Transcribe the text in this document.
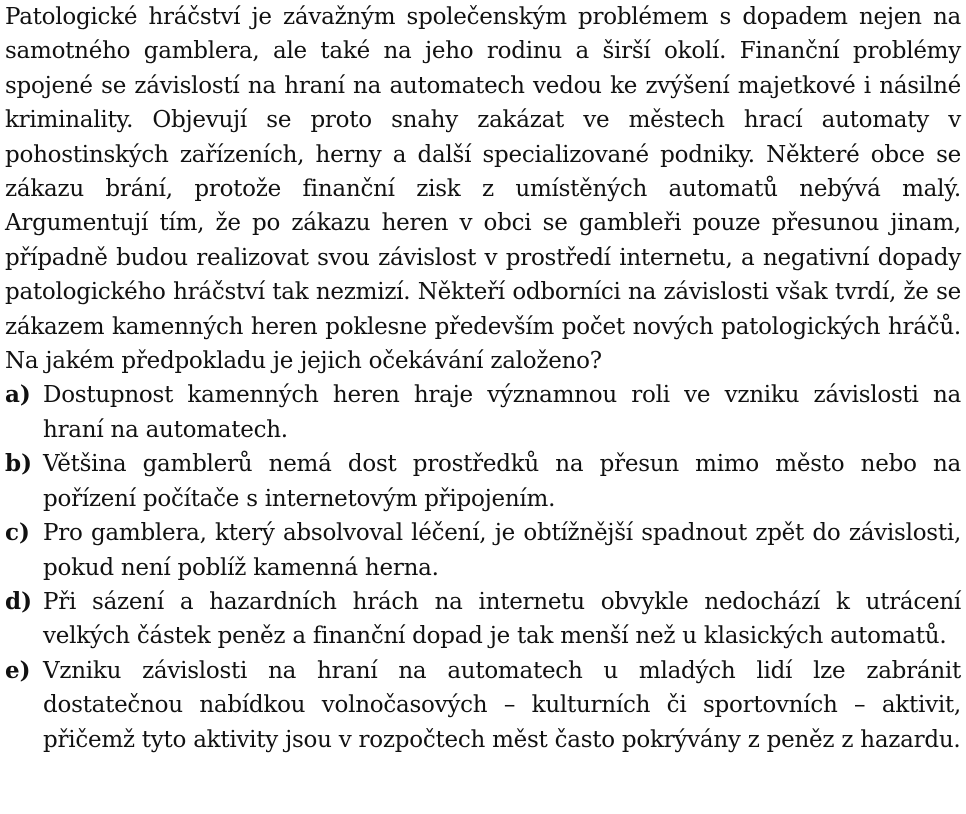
Patologické hráčství je závažným společenským problémem s dopadem nejen na samotného gamblera, ale také na jeho rodinu a širší okolí. Finanční problémy spojené se závislostí na hraní na automatech vedou ke zvýšení majetkové i násilné kriminality. Objevují se proto snahy zakázat ve městech hrací automaty v pohostinských zařízeních, herny a další specializované podniky. Některé obce se zákazu brání, protože finanční zisk z umístěných automatů nebývá malý. Argumentují tím, že po zákazu heren v obci se gambleři pouze přesunou jinam, případně budou realizovat svou závislost v prostředí internetu, a negativní dopady patologického hráčství tak nezmizí. Někteří odborníci na závislosti však tvrdí, že se zákazem kamenných heren poklesne především počet nových patologických hráčů. Na jakém předpokladu je jejich očekávání založeno?

a) Dostupnost kamenných heren hraje významnou roli ve vzniku závislosti na hraní na automatech.
b) Většina gamblerů nemá dost prostředků na přesun mimo město nebo na pořízení počítače s internetovým připojením.
c) Pro gamblera, který absolvoval léčení, je obtížnější spadnout zpět do závislosti, pokud není poblíž kamenná herna.
d) Při sázení a hazardních hrách na internetu obvykle nedochází k utrácení velkých částek peněz a finanční dopad je tak menší než u klasických automatů.
e) Vzniku závislosti na hraní na automatech u mladých lidí lze zabránit dostatečnou nabídkou volnočasových – kulturních či sportovních – aktivit, přičemž tyto aktivity jsou v rozpočtech měst často pokrývány z peněz z hazardu.
